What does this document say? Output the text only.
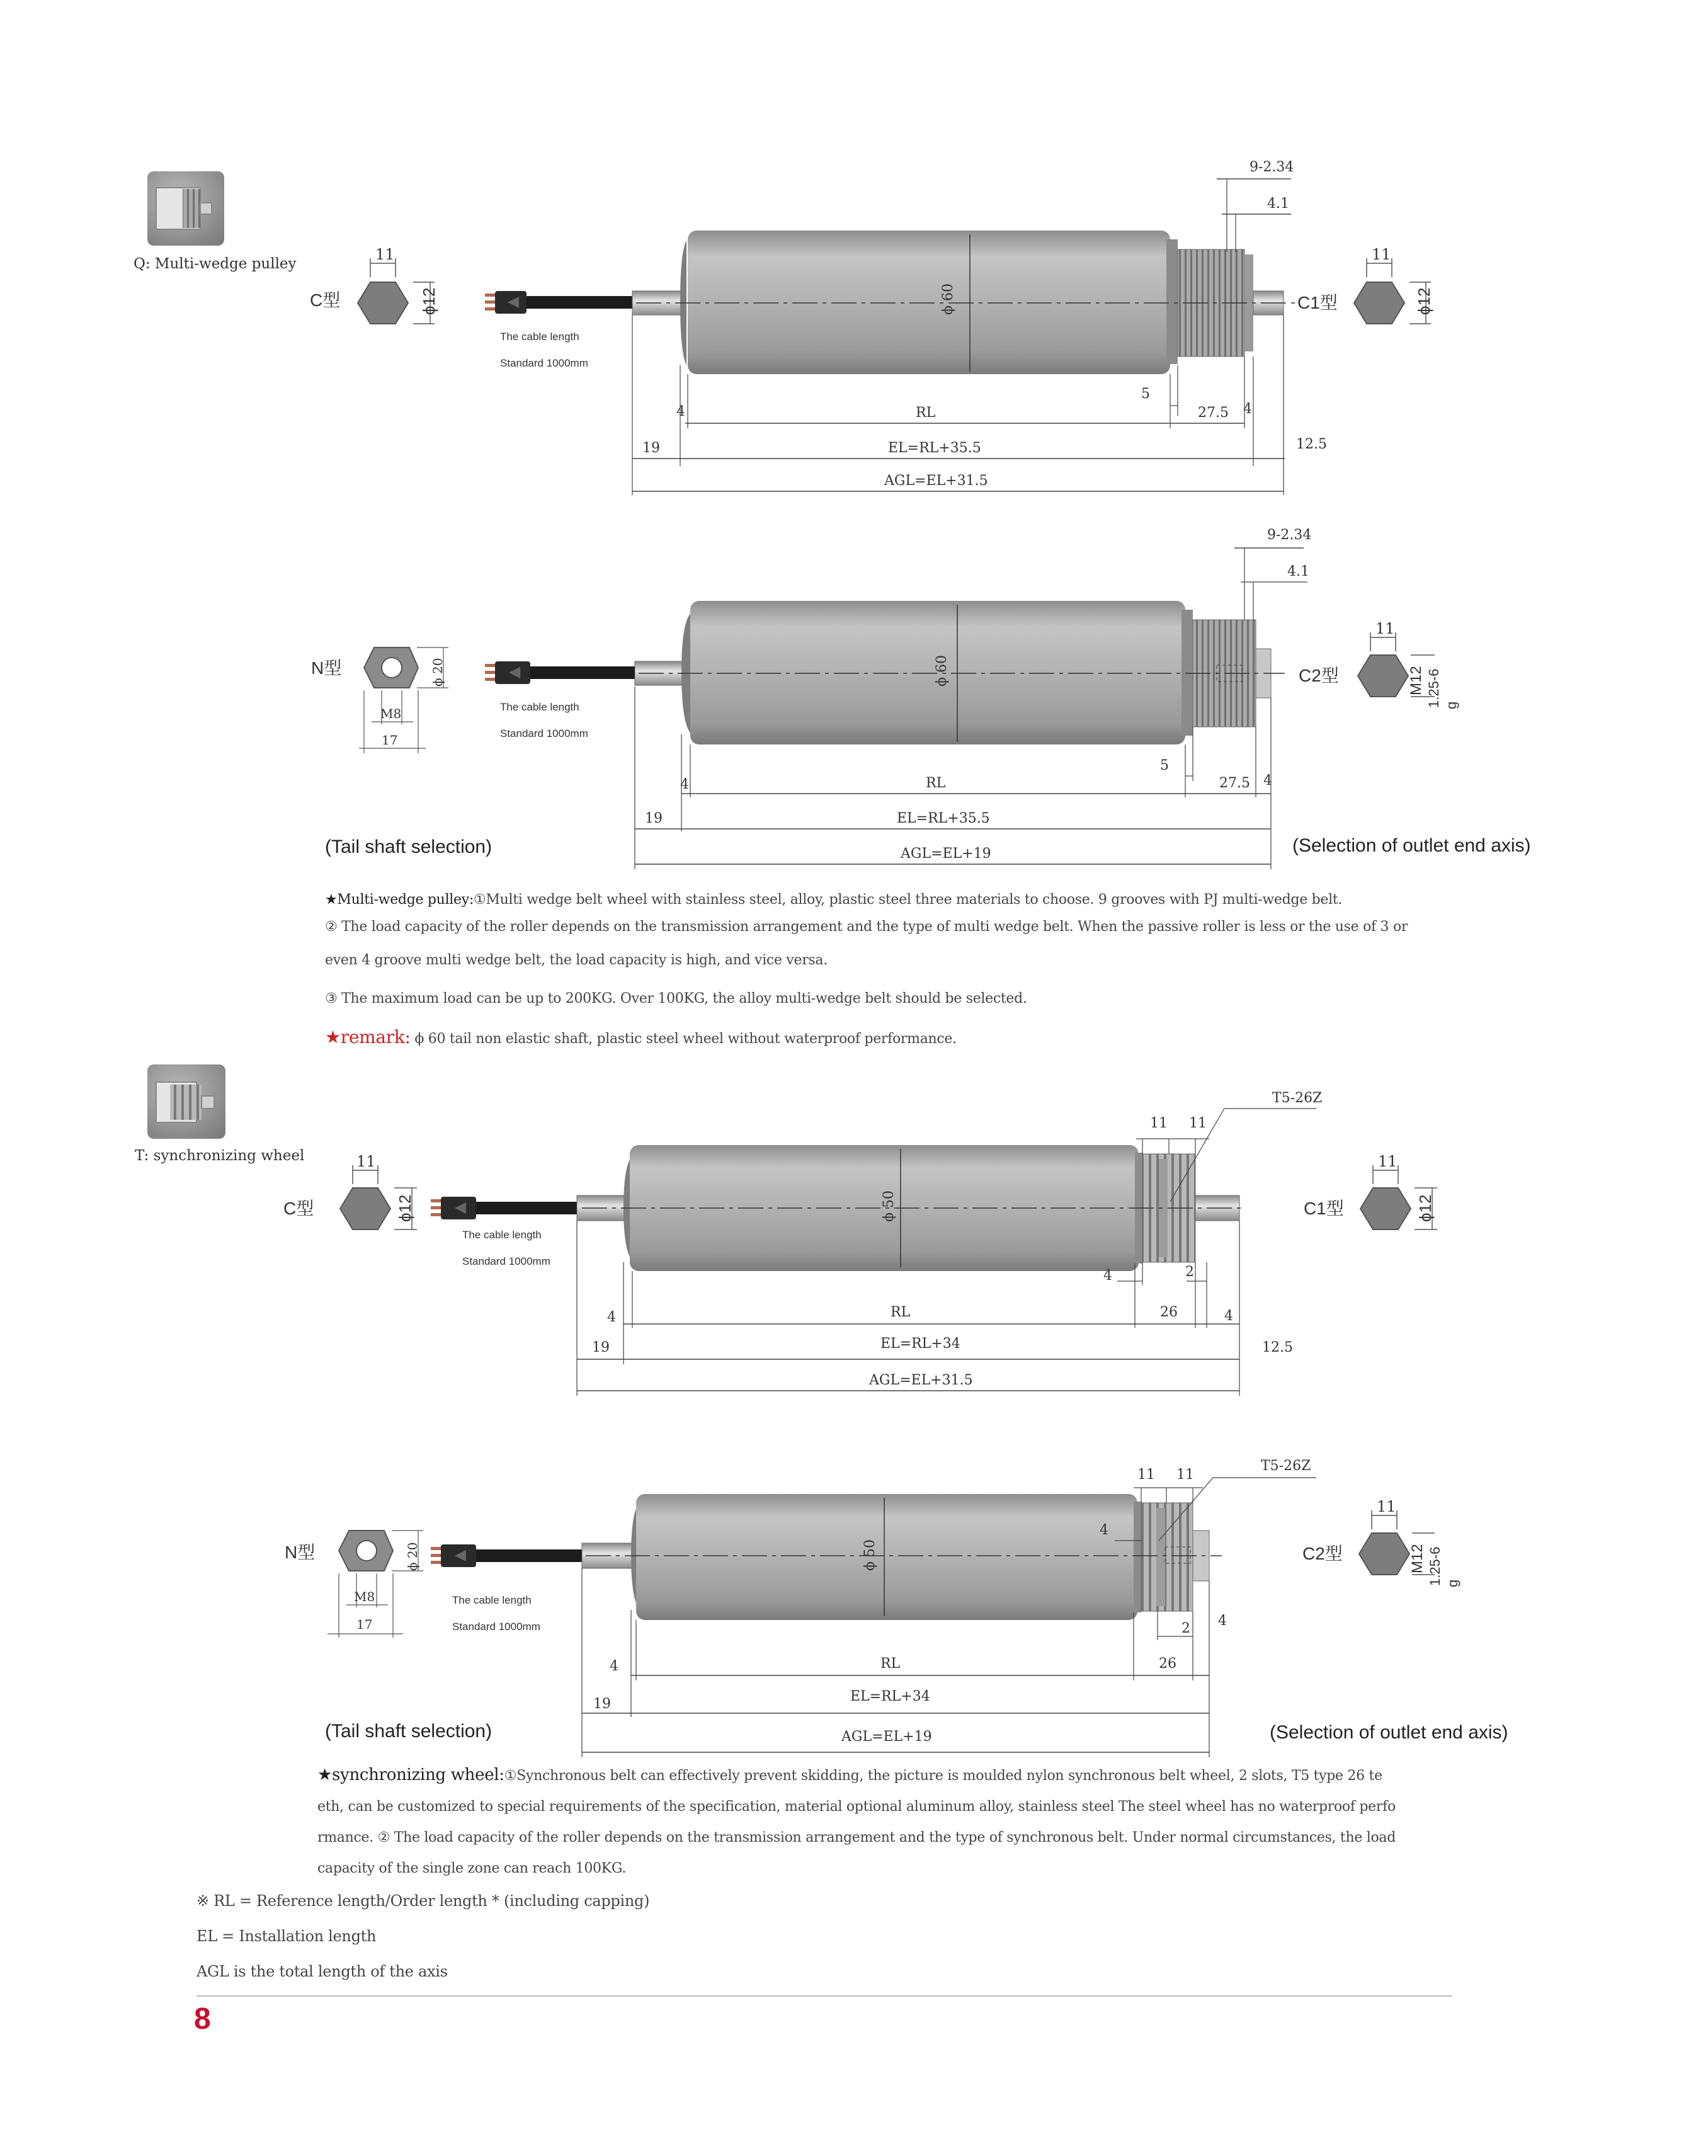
Q: Multi-wedge pulley
C型
11
ϕ12	ϕ 60
The cable length
Standard 1000mm
9-2.34
4.1
4
5
RL	27.5 4
19	EL=RL+35.5	12.5
AGL=EL+31.5
C1型
11
ϕ12
N型	ϕ 20
M8
17
ϕ 60
The cable length
Standard 1000mm
9-2.34
4.1
4
5
RL	27.5 4
19	EL=RL+35.5
AGL=EL+19
C2型
11
M12 1.25-6 g
T: synchronizing wheel
C型
11
ϕ12	ϕ 50
The cable length
Standard 1000mm
T5-26Z
11 11
4	2
4	RL	26	4
19	EL=RL+34	12.5
AGL=EL+31.5
C1型
11
ϕ12
N型	ϕ 20
M8
17
ϕ 50
The cable length
Standard 1000mm
T5-26Z
11 11
4
2 4
4	RL	26
19	EL=RL+34
AGL=EL+19
C2型
11
M12 1.25-6 g
(Tail shaft selection)	(Selection of outlet end axis)
★Multi-wedge pulley:①Multi wedge belt wheel with stainless steel, alloy, plastic steel three materials to choose. 9 grooves with PJ multi-wedge belt.
② The load capacity of the roller depends on the transmission arrangement and the type of multi wedge belt. When the passive roller is less or the use of 3 or
even 4 groove multi wedge belt, the load capacity is high, and vice versa.
③ The maximum load can be up to 200KG. Over 100KG, the alloy multi-wedge belt should be selected.
★remark: ϕ 60 tail non elastic shaft, plastic steel wheel without waterproof performance.
(Tail shaft selection)	(Selection of outlet end axis)
★synchronizing wheel:①Synchronous belt can effectively prevent skidding, the picture is moulded nylon synchronous belt wheel, 2 slots, T5 type 26 te
eth, can be customized to special requirements of the specification, material optional aluminum alloy, stainless steel The steel wheel has no waterproof perfo
rmance. ② The load capacity of the roller depends on the transmission arrangement and the type of synchronous belt. Under normal circumstances, the load
capacity of the single zone can reach 100KG.
※ RL = Reference length/Order length * (including capping)
EL = Installation length
AGL is the total length of the axis
8
